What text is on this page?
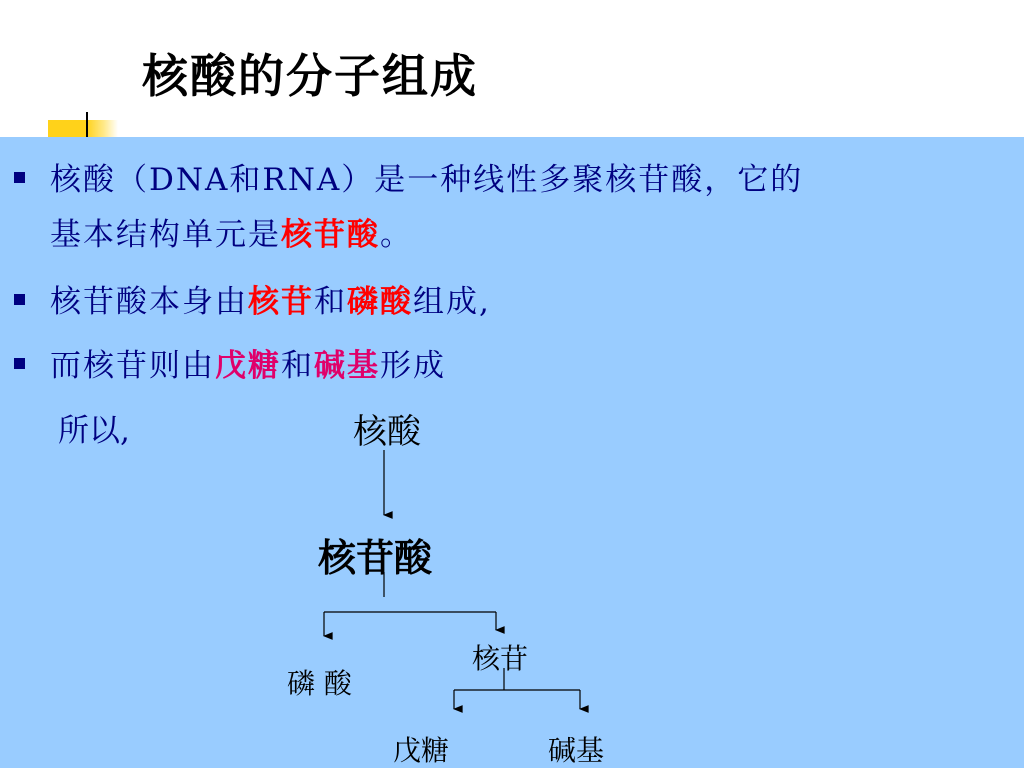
核酸的分子组成
核酸（DNA和RNA）是一种线性多聚核苷酸，它的
基本结构单元是核苷酸。
核苷酸本身由核苷和磷酸组成,
而核苷则由戊糖和碱基形成
所以,	核酸
核苷酸
磷 酸
核苷
戊糖	碱基
